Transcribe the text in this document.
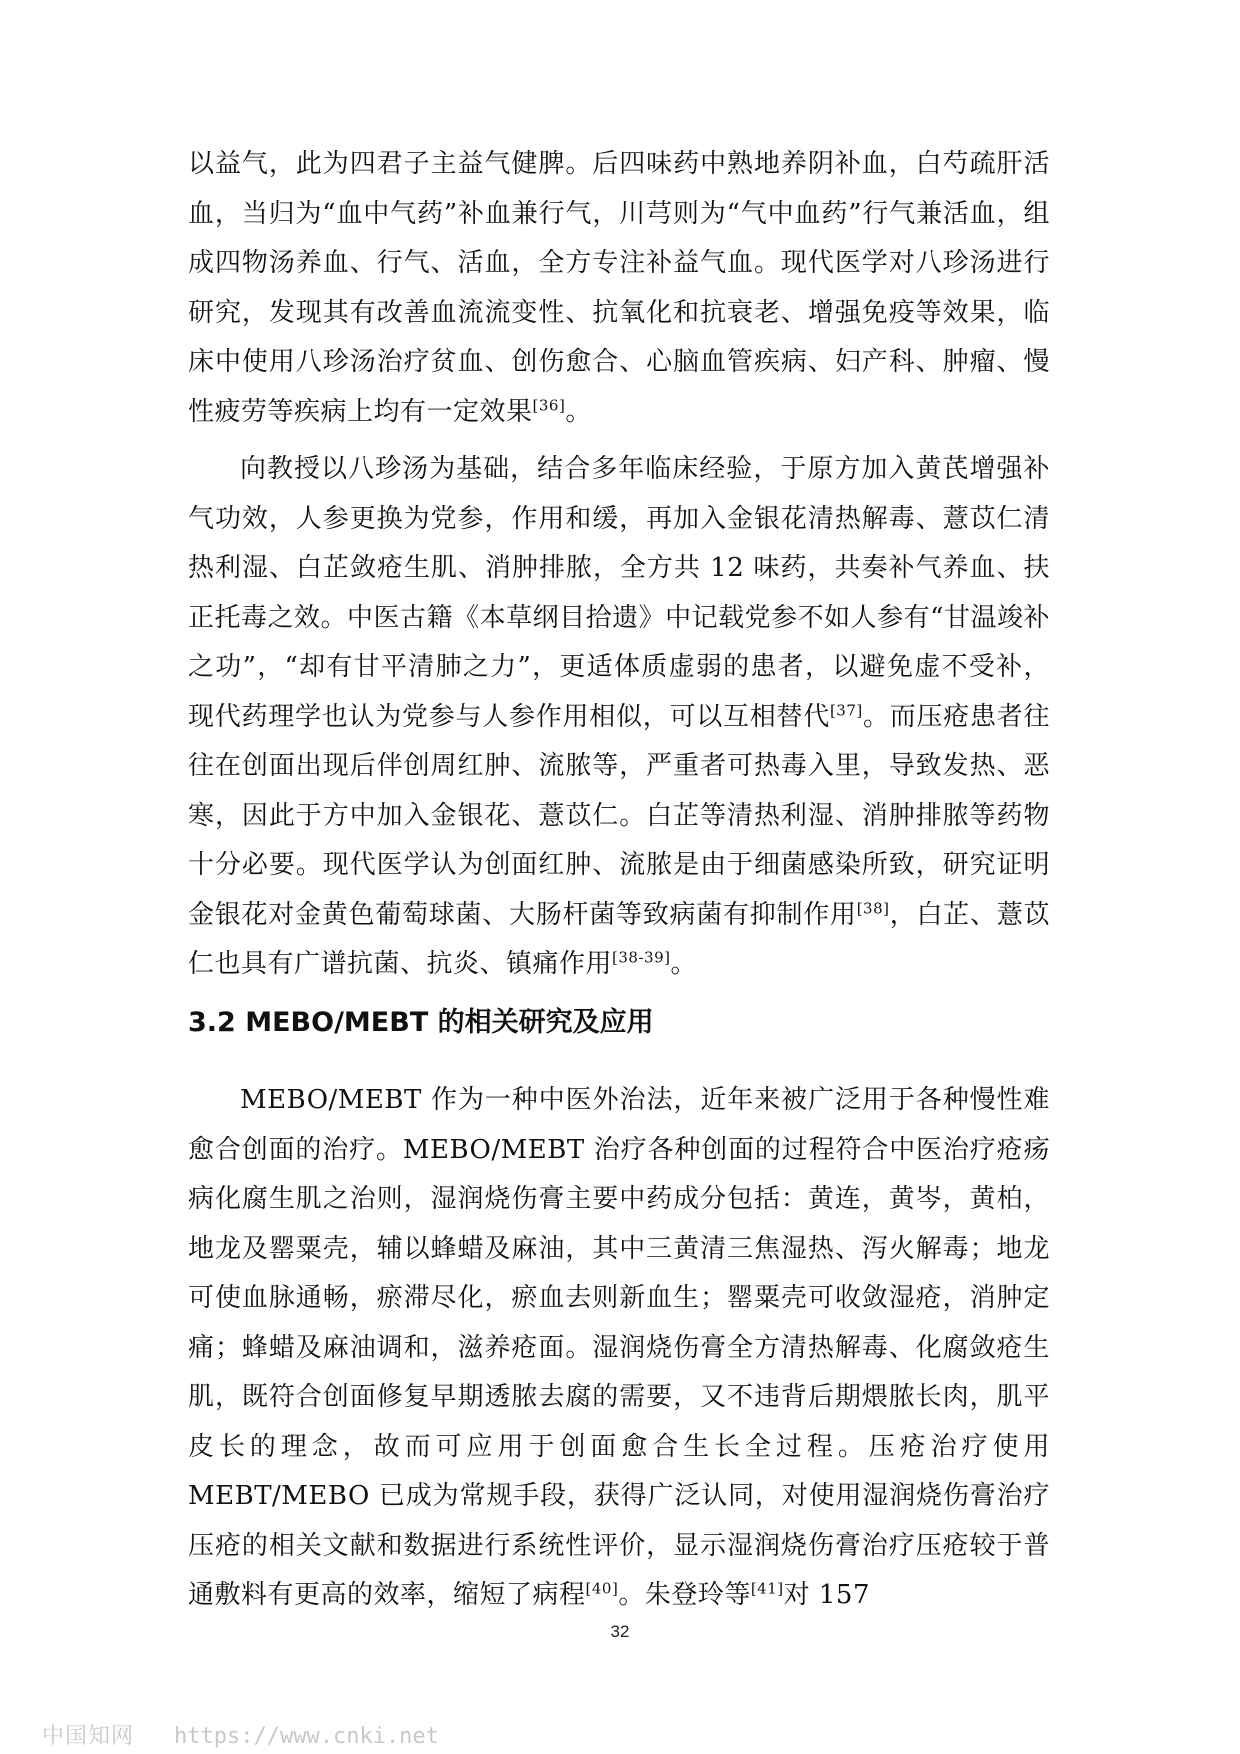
以益气，此为四君子主益气健脾。后四味药中熟地养阴补血，白芍疏肝活血，当归为“血中气药”补血兼行气，川芎则为“气中血药”行气兼活血，组成四物汤养血、行气、活血，全方专注补益气血。现代医学对八珍汤进行研究，发现其有改善血流流变性、抗氧化和抗衰老、增强免疫等效果，临床中使用八珍汤治疗贫血、创伤愈合、心脑血管疾病、妇产科、肿瘤、慢性疲劳等疾病上均有一定效果[36]。

向教授以八珍汤为基础，结合多年临床经验，于原方加入黄芪增强补气功效，人参更换为党参，作用和缓，再加入金银花清热解毒、薏苡仁清热利湿、白芷敛疮生肌、消肿排脓，全方共 12 味药，共奏补气养血、扶正托毒之效。中医古籍《本草纲目拾遗》中记载党参不如人参有“甘温竣补之功”，“却有甘平清肺之力”，更适体质虚弱的患者，以避免虚不受补，现代药理学也认为党参与人参作用相似，可以互相替代[37]。而压疮患者往往在创面出现后伴创周红肿、流脓等，严重者可热毒入里，导致发热、恶寒，因此于方中加入金银花、薏苡仁。白芷等清热利湿、消肿排脓等药物十分必要。现代医学认为创面红肿、流脓是由于细菌感染所致，研究证明金银花对金黄色葡萄球菌、大肠杆菌等致病菌有抑制作用[38]，白芷、薏苡仁也具有广谱抗菌、抗炎、镇痛作用[38-39]。

3.2 MEBO/MEBT 的相关研究及应用

MEBO/MEBT 作为一种中医外治法，近年来被广泛用于各种慢性难愈合创面的治疗。MEBO/MEBT 治疗各种创面的过程符合中医治疗疮疡病化腐生肌之治则，湿润烧伤膏主要中药成分包括：黄连，黄岑，黄柏，地龙及罂粟壳，辅以蜂蜡及麻油，其中三黄清三焦湿热、泻火解毒；地龙可使血脉通畅，瘀滞尽化，瘀血去则新血生；罂粟壳可收敛湿疮，消肿定痛；蜂蜡及麻油调和，滋养疮面。湿润烧伤膏全方清热解毒、化腐敛疮生肌，既符合创面修复早期透脓去腐的需要，又不违背后期煨脓长肉，肌平皮长的理念，故而可应用于创面愈合生长全过程。压疮治疗使用 MEBT/MEBO 已成为常规手段，获得广泛认同，对使用湿润烧伤膏治疗压疮的相关文献和数据进行系统性评价，显示湿润烧伤膏治疗压疮较于普通敷料有更高的效率，缩短了病程[40]。朱登玲等[41]对 157

32
中国知网 https://www.cnki.net
